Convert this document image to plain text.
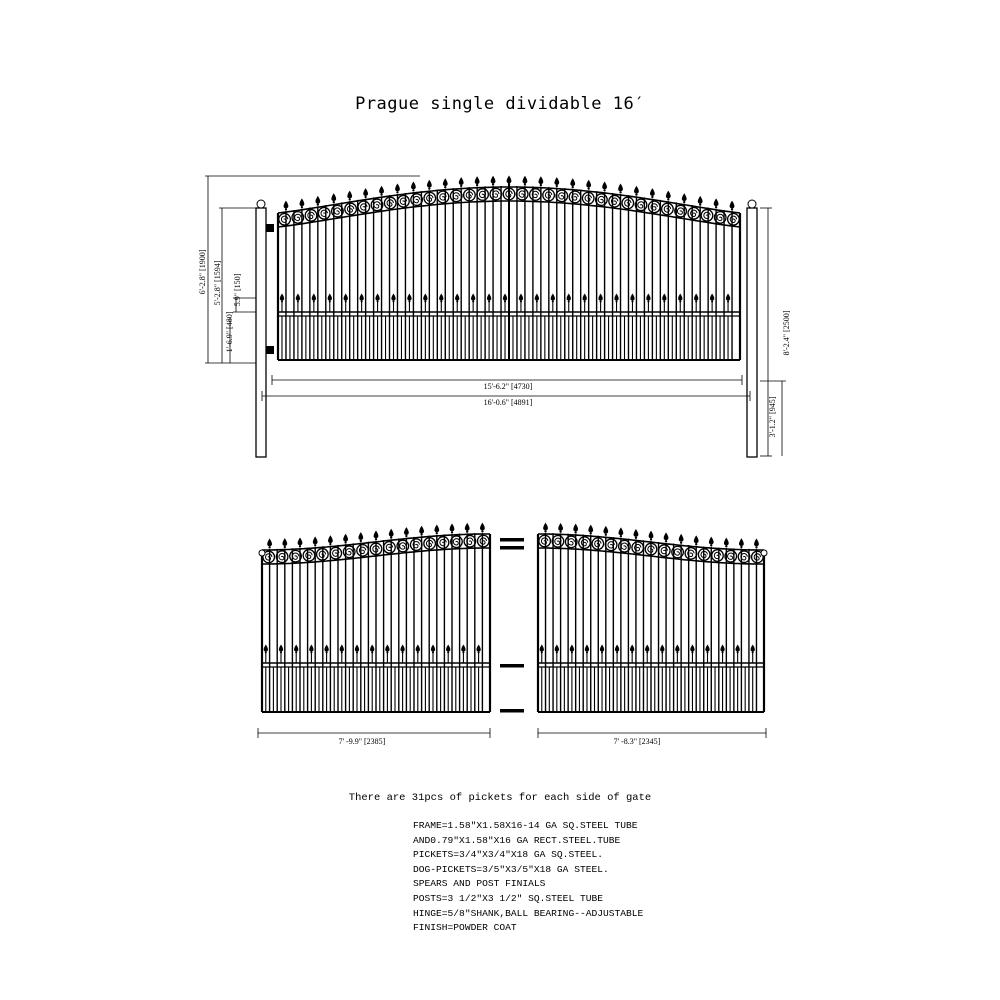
Prague single dividable 16′
6'-2.8" [1900] 5'-2.8" [1594] 5.9" [150]
1'-6.9" [480]
15'-6.2" [4730]
16'-0.6" [4891]
8'-2.4" [2500]
3'-1.2" [945]
7' -9.9" [2385]	7' -8.3" [2345]
There are 31pcs of pickets for each side of gate
FRAME=1.58"X1.58X16-14 GA SQ.STEEL TUBE
AND0.79"X1.58"X16 GA RECT.STEEL.TUBE
PICKETS=3/4"X3/4"X18 GA SQ.STEEL.
DOG-PICKETS=3/5"X3/5"X18 GA STEEL.
SPEARS AND POST FINIALS
POSTS=3 1/2"X3 1/2" SQ.STEEL TUBE
HINGE=5/8"SHANK,BALL BEARING--ADJUSTABLE
FINISH=POWDER COAT
